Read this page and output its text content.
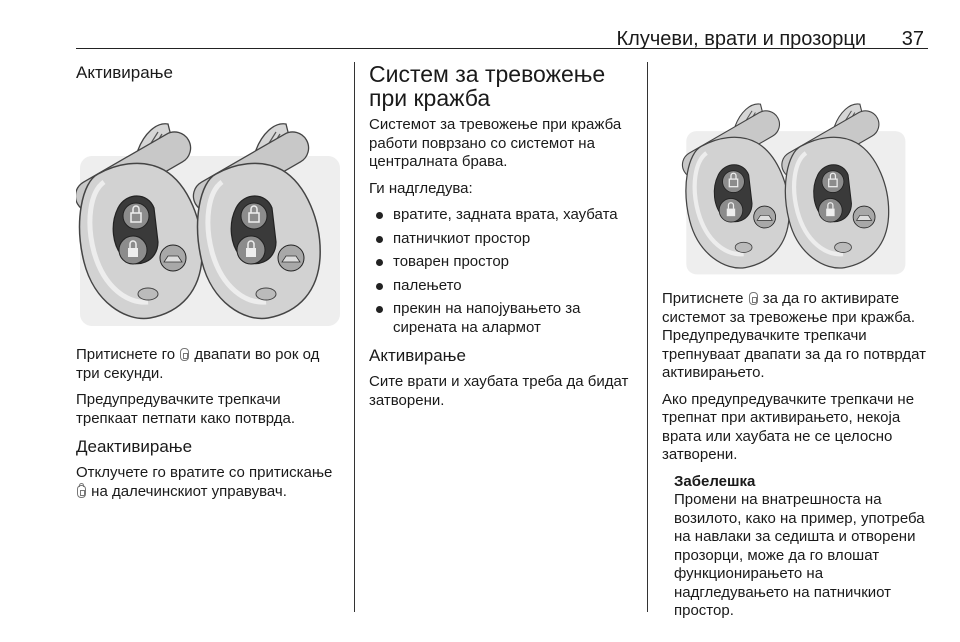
Клучеви, врати и прозорци 37
Активирање

Притиснете го  двапати во рок од три секунди.

Предупредувачките трепкачи трепкаат петпати како потврда.

Деактивирање

Отклучете го вратите со притискање  на далечинскиот управувач.

Систем за тревожење при кражба

Системот за тревожење при кражба работи поврзано со системот на централната брава.

Ги надгледува:

вратите, задната врата, хаубата
патничкиот простор
товарен простор
палењето
прекин на напојувањето за сирената на алармот
Активирање

Сите врати и хаубата треба да бидат затворени.

Притиснете  за да го активирате системот за тревожење при кражба. Предупредувачките трепкачи трепнуваат двапати за да го потврдат активирањето.

Ако предупредувачките трепкачи не трепнат при активирањето, некоја врата или хаубата не се целосно затворени.

Забелешка

Промени на внатрешноста на возилото, како на пример, употреба на навлаки за седишта и отворени прозорци, може да го влошат функционирањето на надгледувањето на патничкиот простор.
